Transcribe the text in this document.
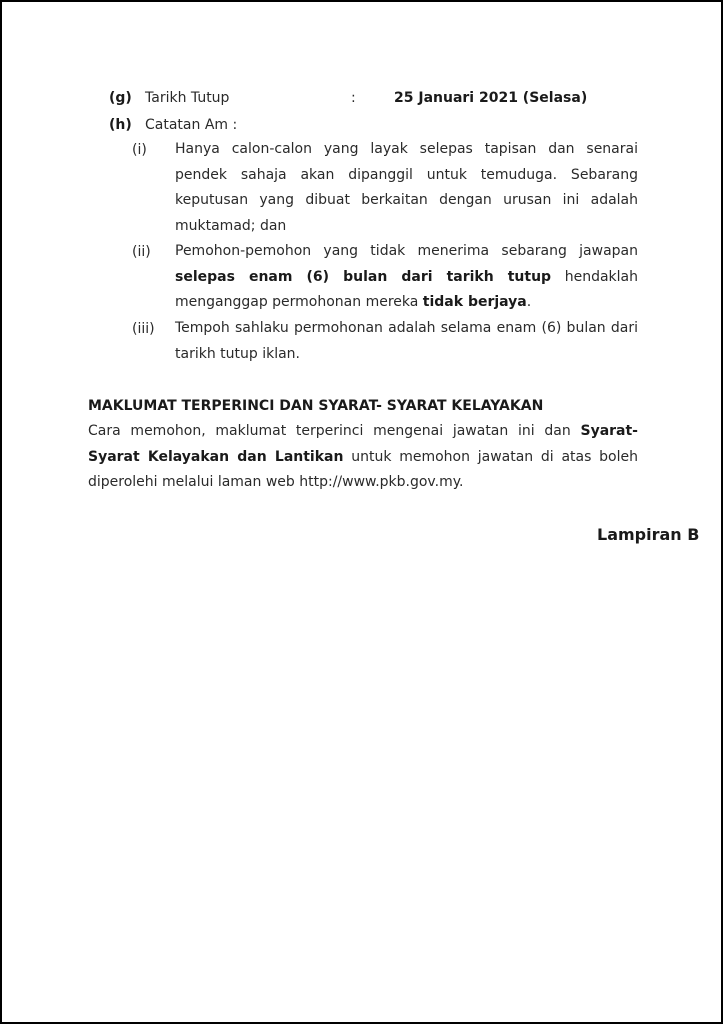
(g) Tarikh Tutup	:	25 Januari 2021 (Selasa)
(h) Catatan Am :
(i) Hanya calon-calon yang layak selepas tapisan dan senarai pendek sahaja akan dipanggil untuk temuduga. Sebarang keputusan yang dibuat berkaitan dengan urusan ini adalah muktamad; dan
(ii) Pemohon-pemohon yang tidak menerima sebarang jawapan selepas enam (6) bulan dari tarikh tutup hendaklah menganggap permohonan mereka tidak berjaya.
(iii) Tempoh sahlaku permohonan adalah selama enam (6) bulan dari tarikh tutup iklan.
MAKLUMAT TERPERINCI DAN SYARAT- SYARAT KELAYAKAN
Cara memohon, maklumat terperinci mengenai jawatan ini dan Syarat-Syarat Kelayakan dan Lantikan untuk memohon jawatan di atas boleh diperolehi melalui laman web http://www.pkb.gov.my.
Lampiran B
